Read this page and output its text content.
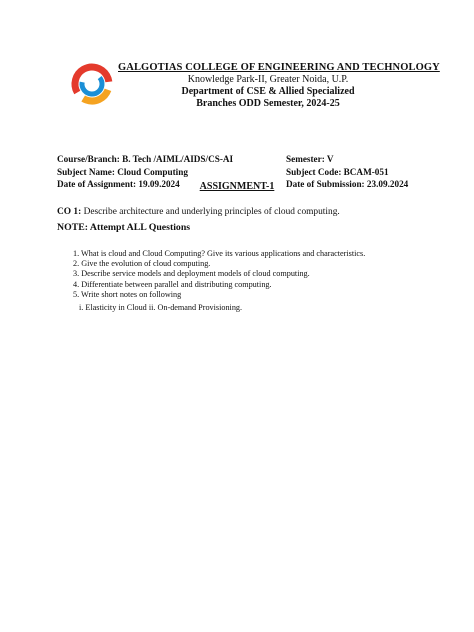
GALGOTIAS COLLEGE OF ENGINEERING AND TECHNOLOGY
Knowledge Park-II, Greater Noida, U.P.
Department of CSE & Allied Specialized
Branches ODD Semester, 2024-25
Course/Branch: B. Tech /AIML/AIDS/CS-AI
Subject Name: Cloud Computing
Date of Assignment: 19.09.2024
Semester: V
Subject Code: BCAM-051
Date of Submission: 23.09.2024
ASSIGNMENT-1
CO 1: Describe architecture and underlying principles of cloud computing.
NOTE: Attempt ALL Questions
1. What is cloud and Cloud Computing? Give its various applications and characteristics.
2. Give the evolution of cloud computing.
3. Describe service models and deployment models of cloud computing.
4. Differentiate between parallel and distributing computing.
5. Write short notes on following
i. Elasticity in Cloud ii. On-demand Provisioning.
